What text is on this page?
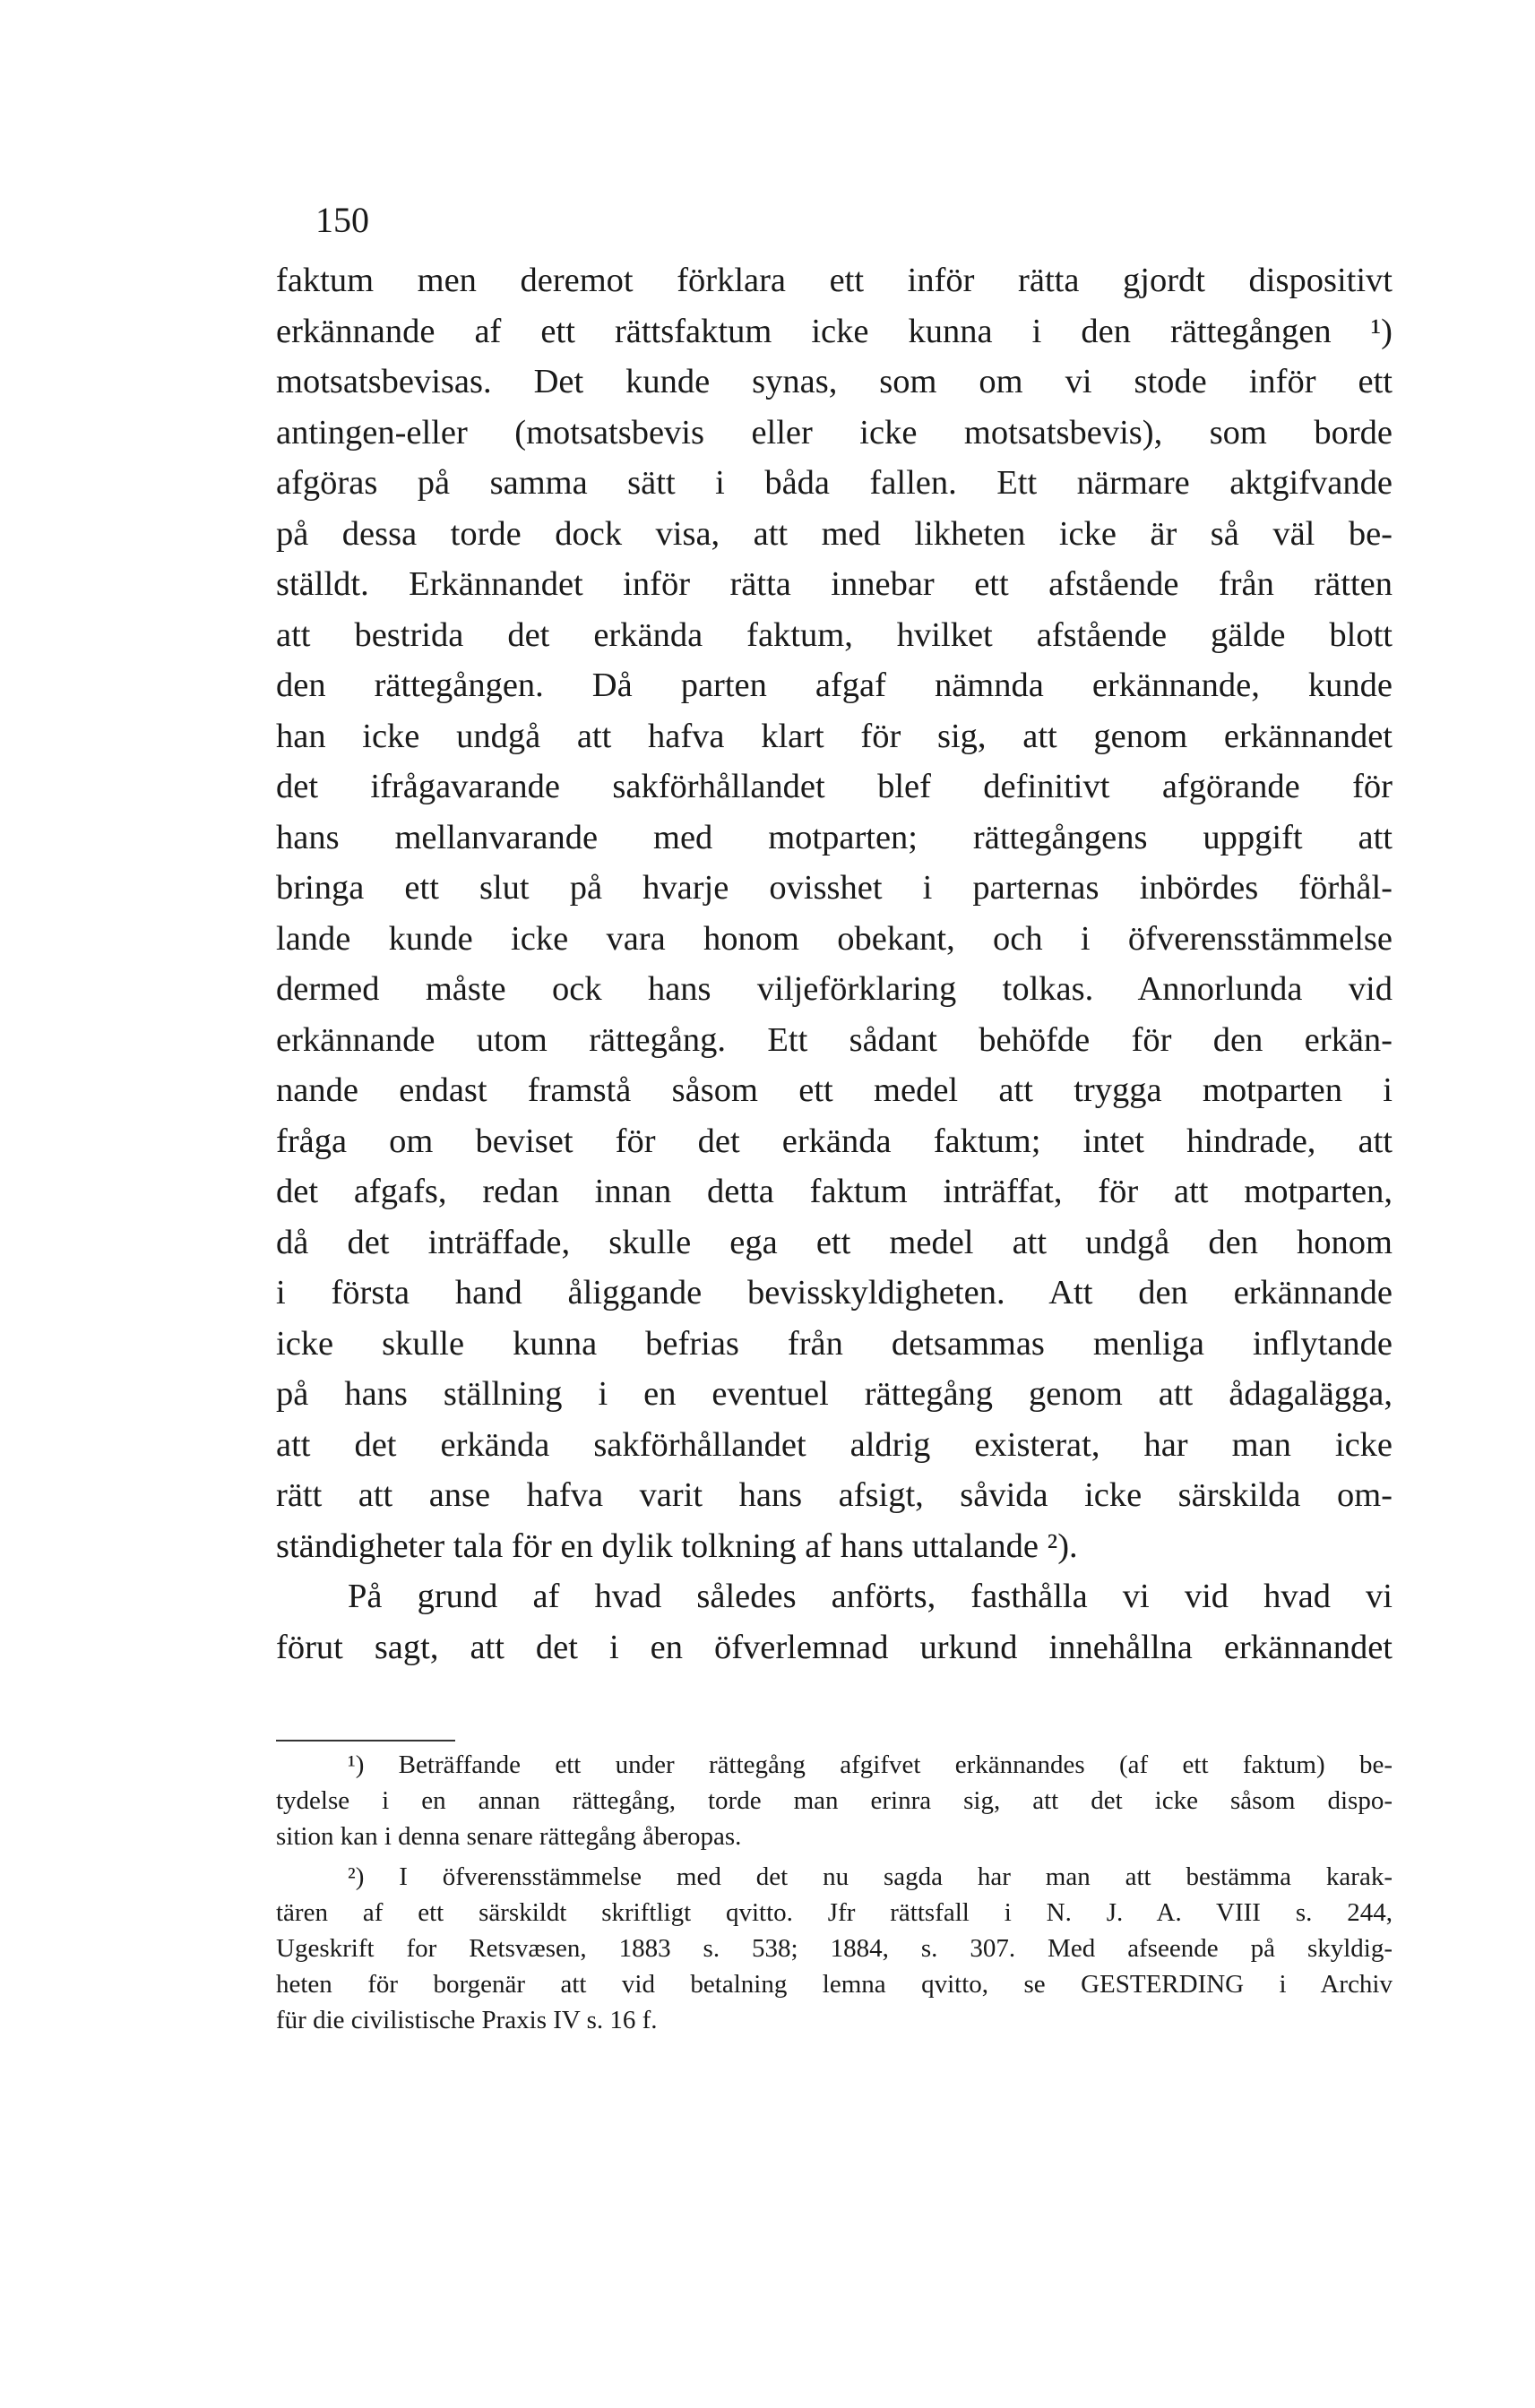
150
faktum men deremot förklara ett inför rätta gjordt dispositivt
erkännande af ett rättsfaktum icke kunna i den rättegången ¹)
motsatsbevisas. Det kunde synas, som om vi stode inför ett
antingen-eller (motsatsbevis eller icke motsatsbevis), som borde
afgöras på samma sätt i båda fallen. Ett närmare aktgifvande
på dessa torde dock visa, att med likheten icke är så väl be-
ställdt. Erkännandet inför rätta innebar ett afstående från rätten
att bestrida det erkända faktum, hvilket afstående gälde blott
den rättegången. Då parten afgaf nämnda erkännande, kunde
han icke undgå att hafva klart för sig, att genom erkännandet
det ifrågavarande sakförhållandet blef definitivt afgörande för
hans mellanvarande med motparten; rättegångens uppgift att
bringa ett slut på hvarje ovisshet i parternas inbördes förhål-
lande kunde icke vara honom obekant, och i öfverensstämmelse
dermed måste ock hans viljeförklaring tolkas. Annorlunda vid
erkännande utom rättegång. Ett sådant behöfde för den erkän-
nande endast framstå såsom ett medel att trygga motparten i
fråga om beviset för det erkända faktum; intet hindrade, att
det afgafs, redan innan detta faktum inträffat, för att motparten,
då det inträffade, skulle ega ett medel att undgå den honom
i första hand åliggande bevisskyldigheten. Att den erkännande
icke skulle kunna befrias från detsammas menliga inflytande
på hans ställning i en eventuel rättegång genom att ådagalägga,
att det erkända sakförhållandet aldrig existerat, har man icke
rätt att anse hafva varit hans afsigt, såvida icke särskilda om-
ständigheter tala för en dylik tolkning af hans uttalande ²).
På grund af hvad således anförts, fasthålla vi vid hvad vi
förut sagt, att det i en öfverlemnad urkund innehållna erkännandet
¹) Beträffande ett under rättegång afgifvet erkännandes (af ett faktum) be-
tydelse i en annan rättegång, torde man erinra sig, att det icke såsom dispo-
sition kan i denna senare rättegång åberopas.
²) I öfverensstämmelse med det nu sagda har man att bestämma karak-
tären af ett särskildt skriftligt qvitto. Jfr rättsfall i N. J. A. VIII s. 244,
Ugeskrift for Retsvæsen, 1883 s. 538; 1884, s. 307. Med afseende på skyldig-
heten för borgenär att vid betalning lemna qvitto, se GESTERDING i Archiv
für die civilistische Praxis IV s. 16 f.
